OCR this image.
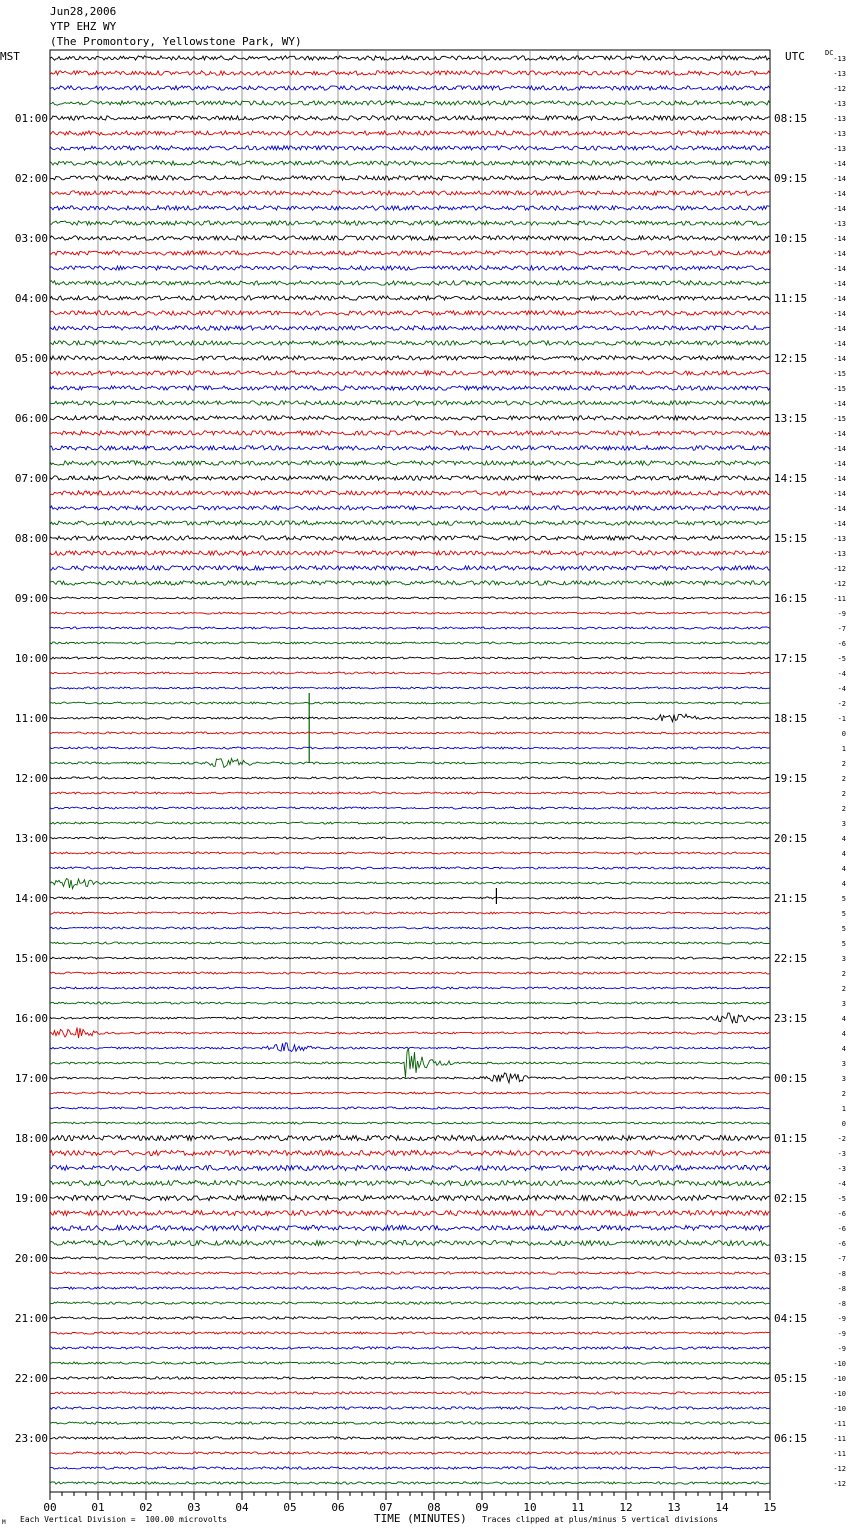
Jun28,2006
YTP EHZ WY
(The Promontory, Yellowstone Park, WY)
MST	UTC	DC
-13
-13
-12
-13
-13
-13
-13
-14
-14
-14
-14
-13
-14
-14
-14
-14
-14
-14
-14
-14
-14
-15
-15
-14
-15
-14
-14
-14
-14
-14
-14
-14
-13
-13
-12
-12
-11
-9
-7
-6
-5
-4
-4
-2
-1
0
1
2
2
2
2
3
4
4
4
4
5
5
5
5
3
2
2
3
4
4
4
3
3
2
1
0
-2
-3
-3
-4
-5
-6
-6
-6
-7
-8
-8
-8
-9
-9
-9
-10
-10
-10
-10
-11
-11
-11
-12
-12
01:00
02:00
03:00
04:00
05:00
06:00
07:00
08:00
09:00
10:00
11:00
12:00
13:00
14:00
15:00
16:00
17:00
18:00
19:00
20:00
21:00
22:00
23:00
08:15
09:15
10:15
11:15
12:15
13:15
14:15
15:15
16:15
17:15
18:15
19:15
20:15
21:15
22:15
23:15
00:15
01:15
02:15
03:15
04:15
05:15
06:15
00	01	02	03	04	05	06	07	08	09	10	11	12	13	14	15
M Each Vertical Division =  100.00 microvolts	TIME (MINUTES) Traces clipped at plus/minus 5 vertical divisions
